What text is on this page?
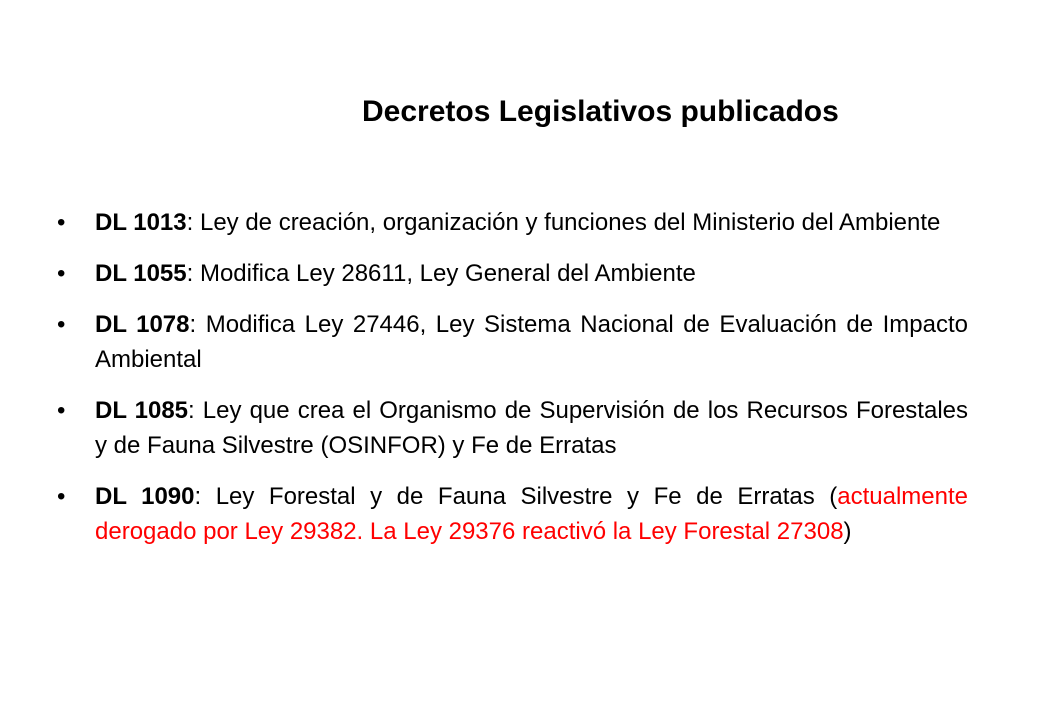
Decretos Legislativos publicados
•	DL 1013: Ley de creación, organización y funciones del Ministerio del Ambiente
•	DL 1055: Modifica Ley 28611, Ley General del Ambiente
•	DL 1078: Modifica Ley 27446, Ley Sistema Nacional de Evaluación de Impacto Ambiental
•	DL 1085: Ley que crea el Organismo de Supervisión de los Recursos Forestales y de Fauna Silvestre (OSINFOR) y Fe de Erratas
•	DL 1090: Ley Forestal y de Fauna Silvestre y Fe de Erratas (actualmente derogado por Ley 29382. La Ley 29376 reactivó la Ley Forestal 27308)
